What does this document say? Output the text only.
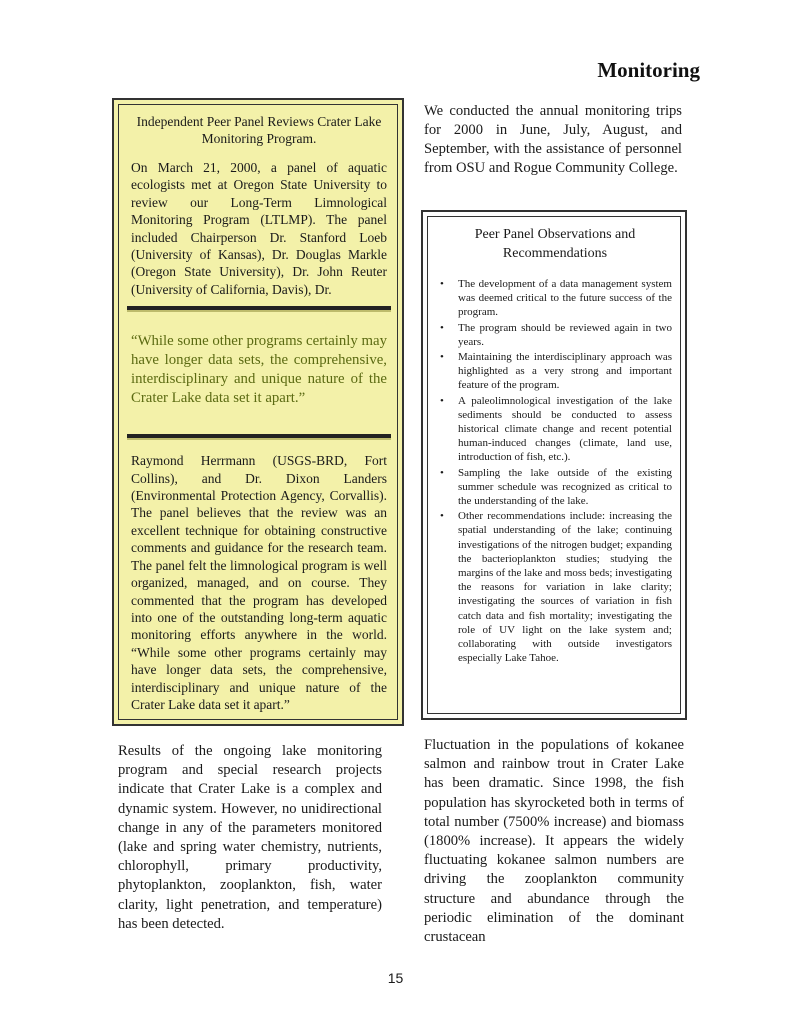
Monitoring

Independent Peer Panel Reviews Crater Lake Monitoring Program.

On March 21, 2000, a panel of aquatic ecologists met at Oregon State University to review our Long-Term Limnological Monitoring Program (LTLMP). The panel included Chairperson Dr. Stanford Loeb (University of Kansas), Dr. Douglas Markle (Oregon State University), Dr. John Reuter (University of California, Davis), Dr.

“While some other programs certainly may have longer data sets, the comprehensive, interdisciplinary and unique nature of the Crater Lake data set it apart.”

Raymond Herrmann (USGS-BRD, Fort Collins), and Dr. Dixon Landers (Environmental Protection Agency, Corvallis). The panel believes that the review was an excellent technique for obtaining constructive comments and guidance for the research team. The panel felt the limnological program is well organized, managed, and on course. They commented that the program has developed into one of the outstanding long-term aquatic monitoring efforts anywhere in the world. “While some other programs certainly may have longer data sets, the comprehensive, interdisciplinary and unique nature of the Crater Lake data set it apart.”

We conducted the annual monitoring trips for 2000 in June, July, August, and September, with the assistance of personnel from OSU and Rogue Community College.

Peer Panel Observations and Recommendations

• The development of a data management system was deemed critical to the future success of the program.
• The program should be reviewed again in two years.
• Maintaining the interdisciplinary approach was highlighted as a very strong and important feature of the program.
• A paleolimnological investigation of the lake sediments should be conducted to assess historical climate change and recent potential human-induced changes (climate, land use, introduction of fish, etc.).
• Sampling the lake outside of the existing summer schedule was recognized as critical to the understanding of the lake.
• Other recommendations include: increasing the spatial understanding of the lake; continuing investigations of the nitrogen budget; expanding the bacterioplankton studies; studying the margins of the lake and moss beds; investigating the reasons for variation in lake clarity; investigating the sources of variation in fish catch data and fish mortality; investigating the role of UV light on the lake system and; collaborating with outside investigators especially Lake Tahoe.

Results of the ongoing lake monitoring program and special research projects indicate that Crater Lake is a complex and dynamic system. However, no unidirectional change in any of the parameters monitored (lake and spring water chemistry, nutrients, chlorophyll, primary productivity, phytoplankton, zooplankton, fish, water clarity, light penetration, and temperature) has been detected.

Fluctuation in the populations of kokanee salmon and rainbow trout in Crater Lake has been dramatic. Since 1998, the fish population has skyrocketed both in terms of total number (7500% increase) and biomass (1800% increase). It appears the widely fluctuating kokanee salmon numbers are driving the zooplankton community structure and abundance through the periodic elimination of the dominant crustacean

15
